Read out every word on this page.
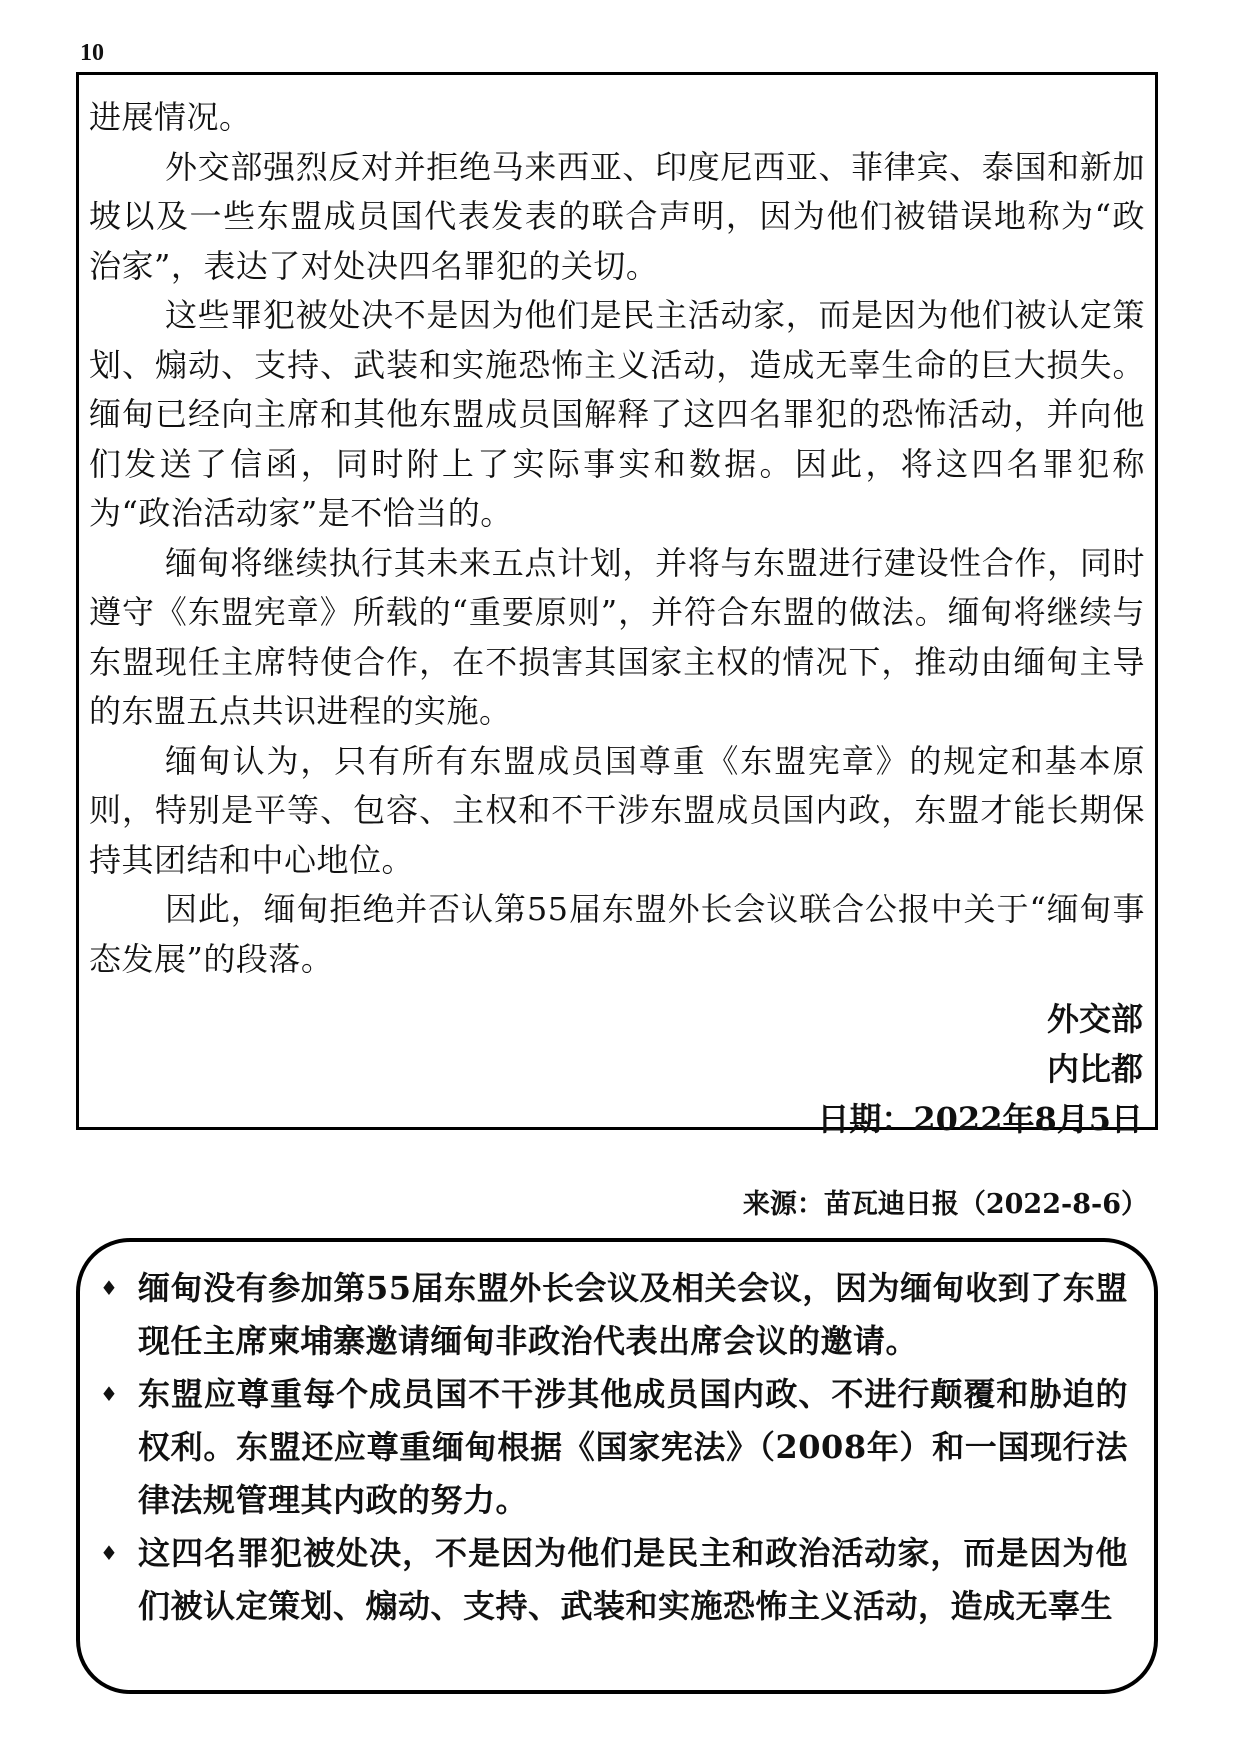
10

进展情况。

外交部强烈反对并拒绝马来西亚、印度尼西亚、菲律宾、泰国和新加坡以及一些东盟成员国代表发表的联合声明，因为他们被错误地称为“政治家”，表达了对处决四名罪犯的关切。

这些罪犯被处决不是因为他们是民主活动家，而是因为他们被认定策划、煽动、支持、武装和实施恐怖主义活动，造成无辜生命的巨大损失。缅甸已经向主席和其他东盟成员国解释了这四名罪犯的恐怖活动，并向他们发送了信函，同时附上了实际事实和数据。因此，将这四名罪犯称为“政治活动家”是不恰当的。

缅甸将继续执行其未来五点计划，并将与东盟进行建设性合作，同时遵守《东盟宪章》所载的“重要原则”，并符合东盟的做法。缅甸将继续与东盟现任主席特使合作，在不损害其国家主权的情况下，推动由缅甸主导的东盟五点共识进程的实施。

缅甸认为，只有所有东盟成员国尊重《东盟宪章》的规定和基本原则，特别是平等、包容、主权和不干涉东盟成员国内政，东盟才能长期保持其团结和中心地位。

因此，缅甸拒绝并否认第55届东盟外长会议联合公报中关于“缅甸事态发展”的段落。

外交部
内比都
日期：2022年8月5日
来源：苗瓦迪日报（2022-8-6）
♦ 缅甸没有参加第55届东盟外长会议及相关会议，因为缅甸收到了东盟现任主席柬埔寨邀请缅甸非政治代表出席会议的邀请。
♦ 东盟应尊重每个成员国不干涉其他成员国内政、不进行颠覆和胁迫的权利。东盟还应尊重缅甸根据《国家宪法》（2008年）和一国现行法律法规管理其内政的努力。
♦ 这四名罪犯被处决，不是因为他们是民主和政治活动家，而是因为他们被认定策划、煽动、支持、武装和实施恐怖主义活动，造成无辜生
